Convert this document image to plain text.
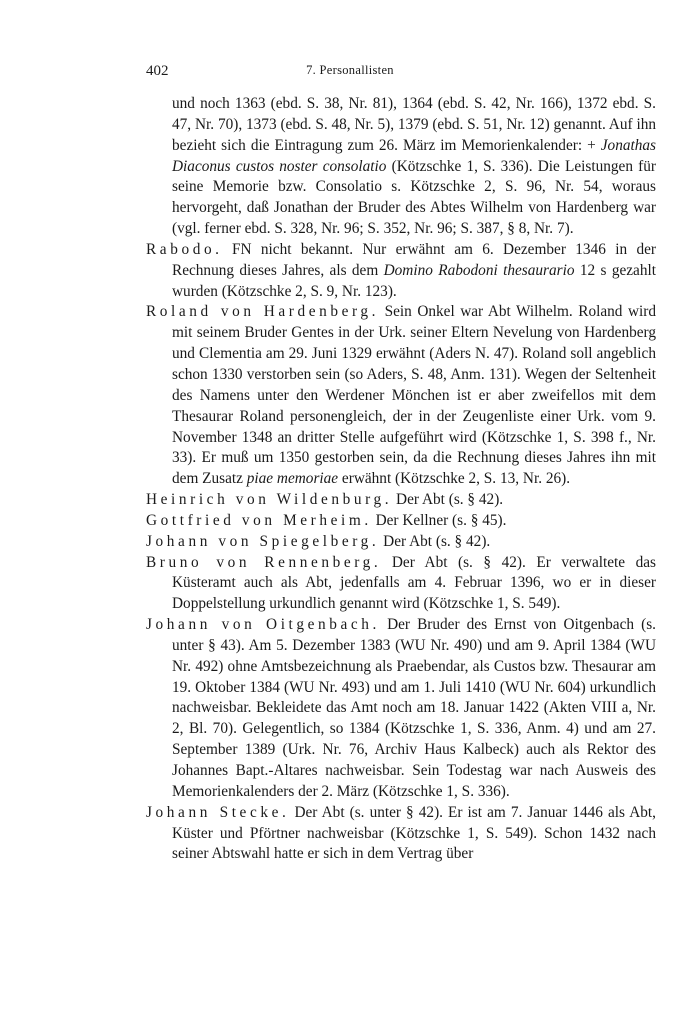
402	7. Personallisten

und noch 1363 (ebd. S. 38, Nr. 81), 1364 (ebd. S. 42, Nr. 166), 1372 ebd. S. 47, Nr. 70), 1373 (ebd. S. 48, Nr. 5), 1379 (ebd. S. 51, Nr. 12) genannt. Auf ihn bezieht sich die Eintragung zum 26. März im Memorienkalender: + Jonathas Diaconus custos noster consolatio (Kötzschke 1, S. 336). Die Leistungen für seine Memorie bzw. Consolatio s. Kötzschke 2, S. 96, Nr. 54, woraus hervorgeht, daß Jonathan der Bruder des Abtes Wilhelm von Hardenberg war (vgl. ferner ebd. S. 328, Nr. 96; S. 352, Nr. 96; S. 387, § 8, Nr. 7).

Rabodo. FN nicht bekannt. Nur erwähnt am 6. Dezember 1346 in der Rechnung dieses Jahres, als dem Domino Rabodoni thesaurario 12 s gezahlt wurden (Kötzschke 2, S. 9, Nr. 123).

Roland von Hardenberg. Sein Onkel war Abt Wilhelm. Roland wird mit seinem Bruder Gentes in der Urk. seiner Eltern Nevelung von Hardenberg und Clementia am 29. Juni 1329 erwähnt (Aders N. 47). Roland soll angeblich schon 1330 verstorben sein (so Aders, S. 48, Anm. 131). Wegen der Seltenheit des Namens unter den Werdener Mönchen ist er aber zweifellos mit dem Thesaurar Roland personengleich, der in der Zeugenliste einer Urk. vom 9. November 1348 an dritter Stelle aufgeführt wird (Kötzschke 1, S. 398 f., Nr. 33). Er muß um 1350 gestorben sein, da die Rechnung dieses Jahres ihn mit dem Zusatz piae memoriae erwähnt (Kötzschke 2, S. 13, Nr. 26).

Heinrich von Wildenburg. Der Abt (s. § 42).

Gottfried von Merheim. Der Kellner (s. § 45).

Johann von Spiegelberg. Der Abt (s. § 42).

Bruno von Rennenberg. Der Abt (s. § 42). Er verwaltete das Küsteramt auch als Abt, jedenfalls am 4. Februar 1396, wo er in dieser Doppelstellung urkundlich genannt wird (Kötzschke 1, S. 549).

Johann von Oitgenbach. Der Bruder des Ernst von Oitgenbach (s. unter § 43). Am 5. Dezember 1383 (WU Nr. 490) und am 9. April 1384 (WU Nr. 492) ohne Amtsbezeichnung als Praebendar, als Custos bzw. Thesaurar am 19. Oktober 1384 (WU Nr. 493) und am 1. Juli 1410 (WU Nr. 604) urkundlich nachweisbar. Bekleidete das Amt noch am 18. Januar 1422 (Akten VIII a, Nr. 2, Bl. 70). Gelegentlich, so 1384 (Kötzschke 1, S. 336, Anm. 4) und am 27. September 1389 (Urk. Nr. 76, Archiv Haus Kalbeck) auch als Rektor des Johannes Bapt.-Altares nachweisbar. Sein Todestag war nach Ausweis des Memorienkalenders der 2. März (Kötzschke 1, S. 336).

Johann Stecke. Der Abt (s. unter § 42). Er ist am 7. Januar 1446 als Abt, Küster und Pförtner nachweisbar (Kötzschke 1, S. 549). Schon 1432 nach seiner Abtswahl hatte er sich in dem Vertrag über
